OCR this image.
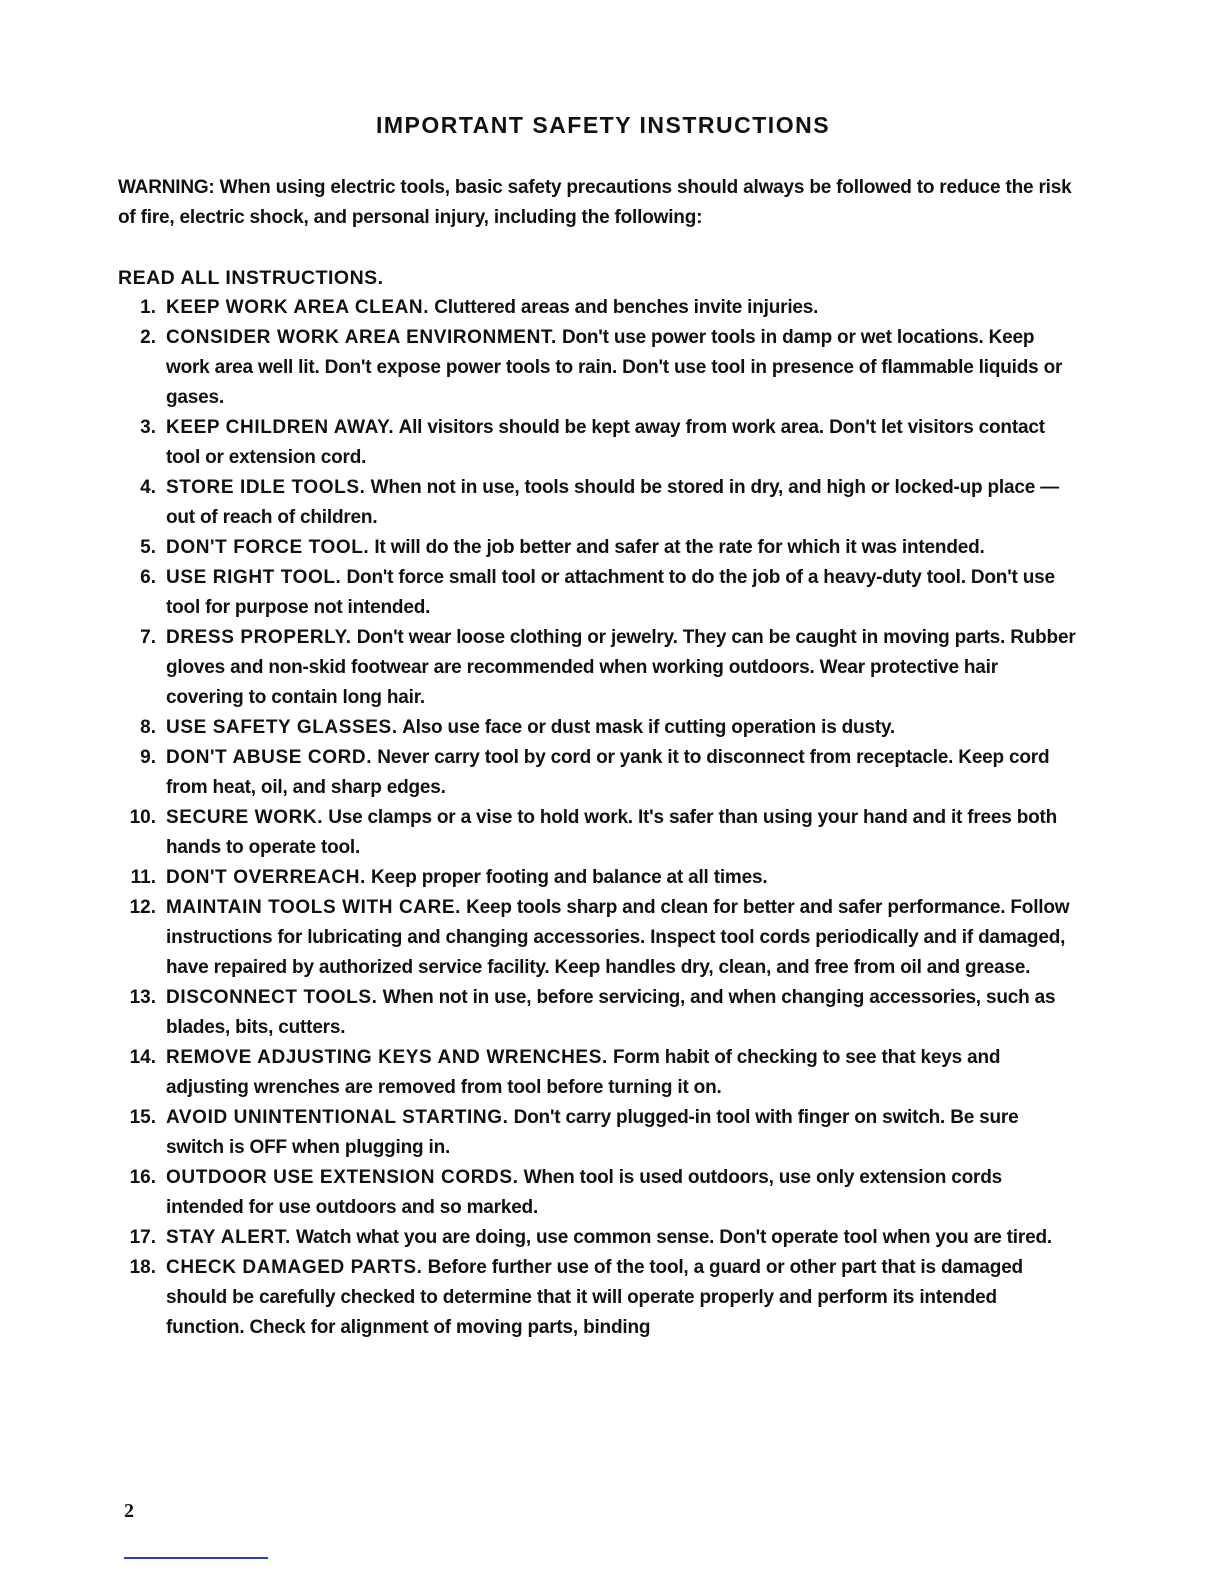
IMPORTANT SAFETY INSTRUCTIONS

WARNING: When using electric tools, basic safety precautions should always be followed to reduce the risk of fire, electric shock, and personal injury, including the following:

READ ALL INSTRUCTIONS.

1. KEEP WORK AREA CLEAN. Cluttered areas and benches invite injuries.
2. CONSIDER WORK AREA ENVIRONMENT. Don't use power tools in damp or wet locations. Keep work area well lit. Don't expose power tools to rain. Don't use tool in presence of flammable liquids or gases.
3. KEEP CHILDREN AWAY. All visitors should be kept away from work area. Don't let visitors contact tool or extension cord.
4. STORE IDLE TOOLS. When not in use, tools should be stored in dry, and high or locked-up place — out of reach of children.
5. DON'T FORCE TOOL. It will do the job better and safer at the rate for which it was intended.
6. USE RIGHT TOOL. Don't force small tool or attachment to do the job of a heavy-duty tool. Don't use tool for purpose not intended.
7. DRESS PROPERLY. Don't wear loose clothing or jewelry. They can be caught in moving parts. Rubber gloves and non-skid footwear are recommended when working outdoors. Wear protective hair covering to contain long hair.
8. USE SAFETY GLASSES. Also use face or dust mask if cutting operation is dusty.
9. DON'T ABUSE CORD. Never carry tool by cord or yank it to disconnect from receptacle. Keep cord from heat, oil, and sharp edges.
10. SECURE WORK. Use clamps or a vise to hold work. It's safer than using your hand and it frees both hands to operate tool.
11. DON'T OVERREACH. Keep proper footing and balance at all times.
12. MAINTAIN TOOLS WITH CARE. Keep tools sharp and clean for better and safer performance. Follow instructions for lubricating and changing accessories. Inspect tool cords periodically and if damaged, have repaired by authorized service facility. Keep handles dry, clean, and free from oil and grease.
13. DISCONNECT TOOLS. When not in use, before servicing, and when changing accessories, such as blades, bits, cutters.
14. REMOVE ADJUSTING KEYS AND WRENCHES. Form habit of checking to see that keys and adjusting wrenches are removed from tool before turning it on.
15. AVOID UNINTENTIONAL STARTING. Don't carry plugged-in tool with finger on switch. Be sure switch is OFF when plugging in.
16. OUTDOOR USE EXTENSION CORDS. When tool is used outdoors, use only extension cords intended for use outdoors and so marked.
17. STAY ALERT. Watch what you are doing, use common sense. Don't operate tool when you are tired.
18. CHECK DAMAGED PARTS. Before further use of the tool, a guard or other part that is damaged should be carefully checked to determine that it will operate properly and perform its intended function. Check for alignment of moving parts, binding
2
